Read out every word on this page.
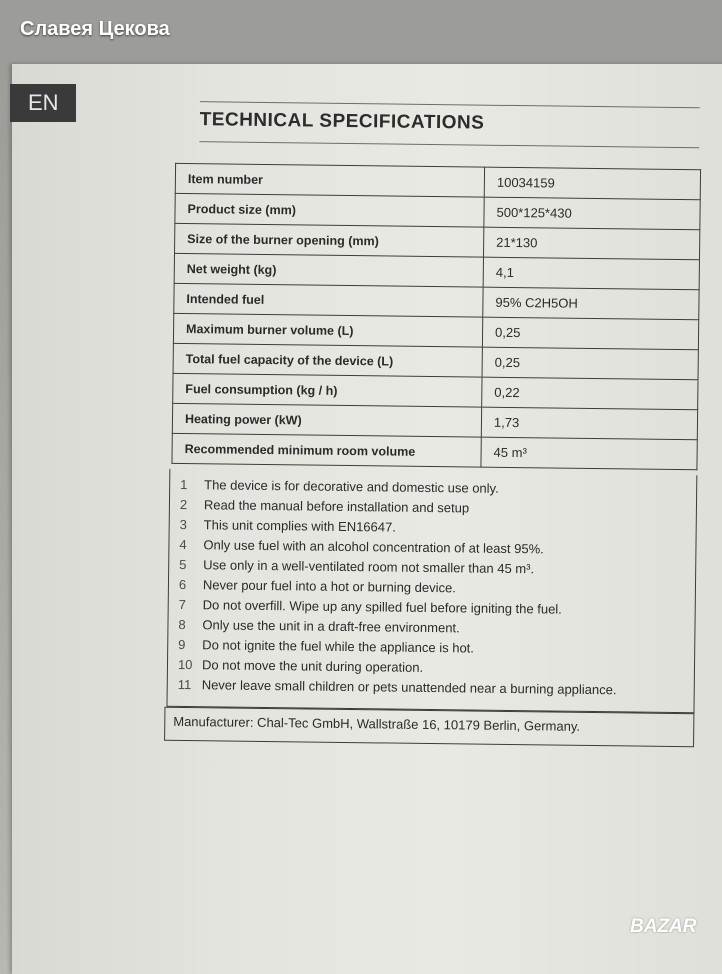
Славея Цекова
EN
TECHNICAL SPECIFICATIONS
Item number	10034159
Product size (mm)	500*125*430
Size of the burner opening (mm)	21*130
Net weight (kg)	4,1
Intended fuel	95% C2H5OH
Maximum burner volume (L)	0,25
Total fuel capacity of the device (L)	0,25
Fuel consumption (kg / h)	0,22
Heating power (kW)	1,73
Recommended minimum room volume	45 m³
1	The device is for decorative and domestic use only.
2	Read the manual before installation and setup
3	This unit complies with EN16647.
4	Only use fuel with an alcohol concentration of at least 95%.
5	Use only in a well-ventilated room not smaller than 45 m³.
6	Never pour fuel into a hot or burning device.
7	Do not overfill. Wipe up any spilled fuel before igniting the fuel.
8	Only use the unit in a draft-free environment.
9	Do not ignite the fuel while the appliance is hot.
10 Do not move the unit during operation.
11 Never leave small children or pets unattended near a burning appliance.
Manufacturer: Chal-Tec GmbH, Wallstraße 16, 10179 Berlin, Germany.
BAZAR
